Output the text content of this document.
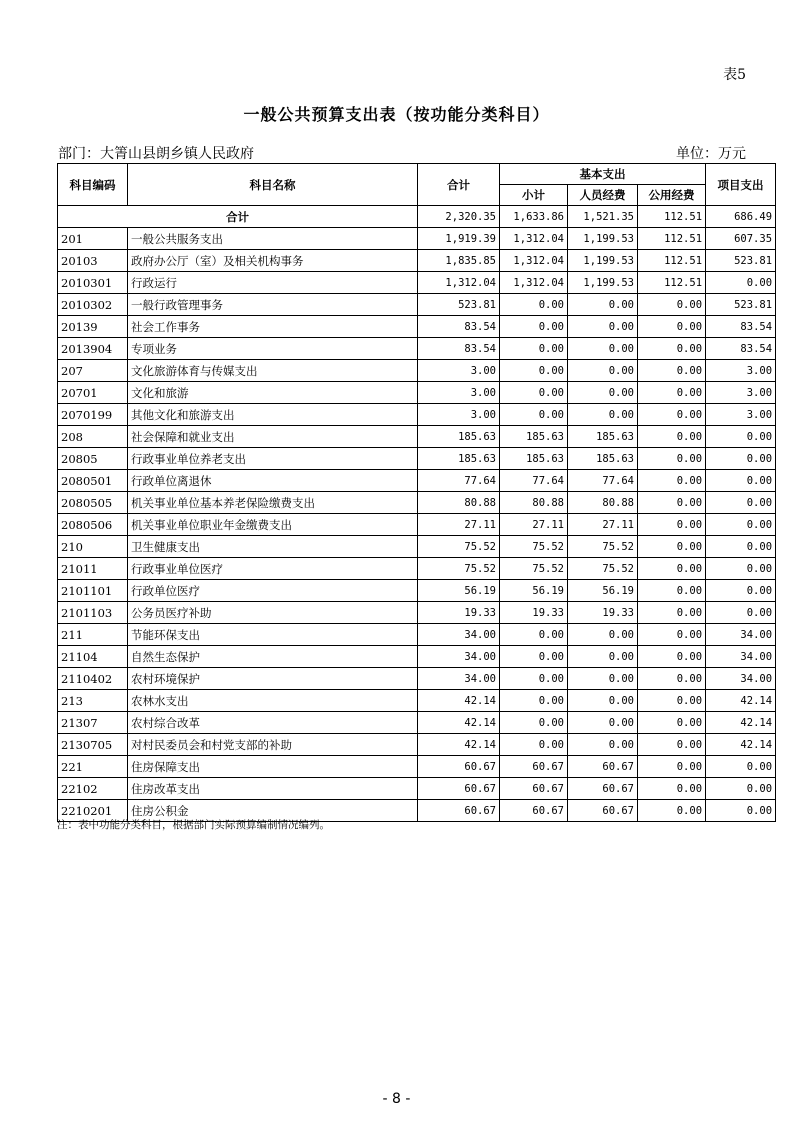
表5
一般公共预算支出表（按功能分类科目）
部门：大箐山县朗乡镇人民政府	单位：万元
科目编码	科目名称	合计	基本支出			项目支出
			小计	人员经费	公用经费	
合计		2,320.35	1,633.86	1,521.35	112.51	686.49
201	一般公共服务支出	1,919.39	1,312.04	1,199.53	112.51	607.35
20103	政府办公厅（室）及相关机构事务	1,835.85	1,312.04	1,199.53	112.51	523.81
2010301	行政运行	1,312.04	1,312.04	1,199.53	112.51	0.00
2010302	一般行政管理事务	523.81	0.00	0.00	0.00	523.81
20139	社会工作事务	83.54	0.00	0.00	0.00	83.54
2013904	专项业务	83.54	0.00	0.00	0.00	83.54
207	文化旅游体育与传媒支出	3.00	0.00	0.00	0.00	3.00
20701	文化和旅游	3.00	0.00	0.00	0.00	3.00
2070199	其他文化和旅游支出	3.00	0.00	0.00	0.00	3.00
208	社会保障和就业支出	185.63	185.63	185.63	0.00	0.00
20805	行政事业单位养老支出	185.63	185.63	185.63	0.00	0.00
2080501	行政单位离退休	77.64	77.64	77.64	0.00	0.00
2080505	机关事业单位基本养老保险缴费支出	80.88	80.88	80.88	0.00	0.00
2080506	机关事业单位职业年金缴费支出	27.11	27.11	27.11	0.00	0.00
210	卫生健康支出	75.52	75.52	75.52	0.00	0.00
21011	行政事业单位医疗	75.52	75.52	75.52	0.00	0.00
2101101	行政单位医疗	56.19	56.19	56.19	0.00	0.00
2101103	公务员医疗补助	19.33	19.33	19.33	0.00	0.00
211	节能环保支出	34.00	0.00	0.00	0.00	34.00
21104	自然生态保护	34.00	0.00	0.00	0.00	34.00
2110402	农村环境保护	34.00	0.00	0.00	0.00	34.00
213	农林水支出	42.14	0.00	0.00	0.00	42.14
21307	农村综合改革	42.14	0.00	0.00	0.00	42.14
2130705	对村民委员会和村党支部的补助	42.14	0.00	0.00	0.00	42.14
221	住房保障支出	60.67	60.67	60.67	0.00	0.00
22102	住房改革支出	60.67	60.67	60.67	0.00	0.00
2210201	住房公积金	60.67	60.67	60.67	0.00	0.00
注：表中功能分类科目，根据部门实际预算编制情况编列。
- 8 -
